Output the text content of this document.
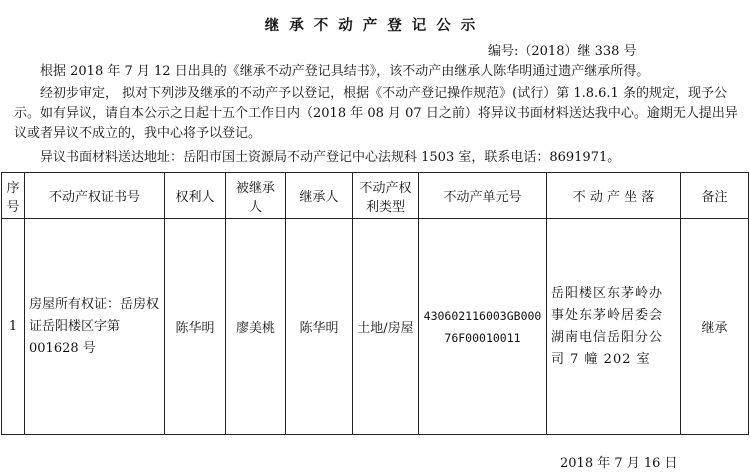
继承不动产登记公示
编号:（2018）继 338 号
根据 2018 年 7 月 12 日出具的《继承不动产登记具结书》，该不动产由继承人陈华明通过遗产继承所得。
经初步审定， 拟对下列涉及继承的不动产予以登记，根据《不动产登记操作规范》(试行）第 1.8.6.1 条的规定，现予公示。如有异议，请自本公示之日起十五个工作日内（2018 年 08 月 07 日之前）将异议书面材料送达我中心。逾期无人提出异议或者异议不成立的，我中心将予以登记。
异议书面材料送达地址：岳阳市国土资源局不动产登记中心法规科 1503 室，联系电话：8691971。
序号	不动产权证书号	权利人	被继承人	继承人	不动产权利类型	不动产单元号	不 动 产 坐 落	备注
1	房屋所有权证：岳房权证岳阳楼区字第 001628 号	陈华明	廖美桃	陈华明	土地/房屋	430602116003GB00076F00010011	岳阳楼区东茅岭办事处东茅岭居委会湖南电信岳阳分公司 7 幢 202 室	继承
2018 年 7 月 16 日
